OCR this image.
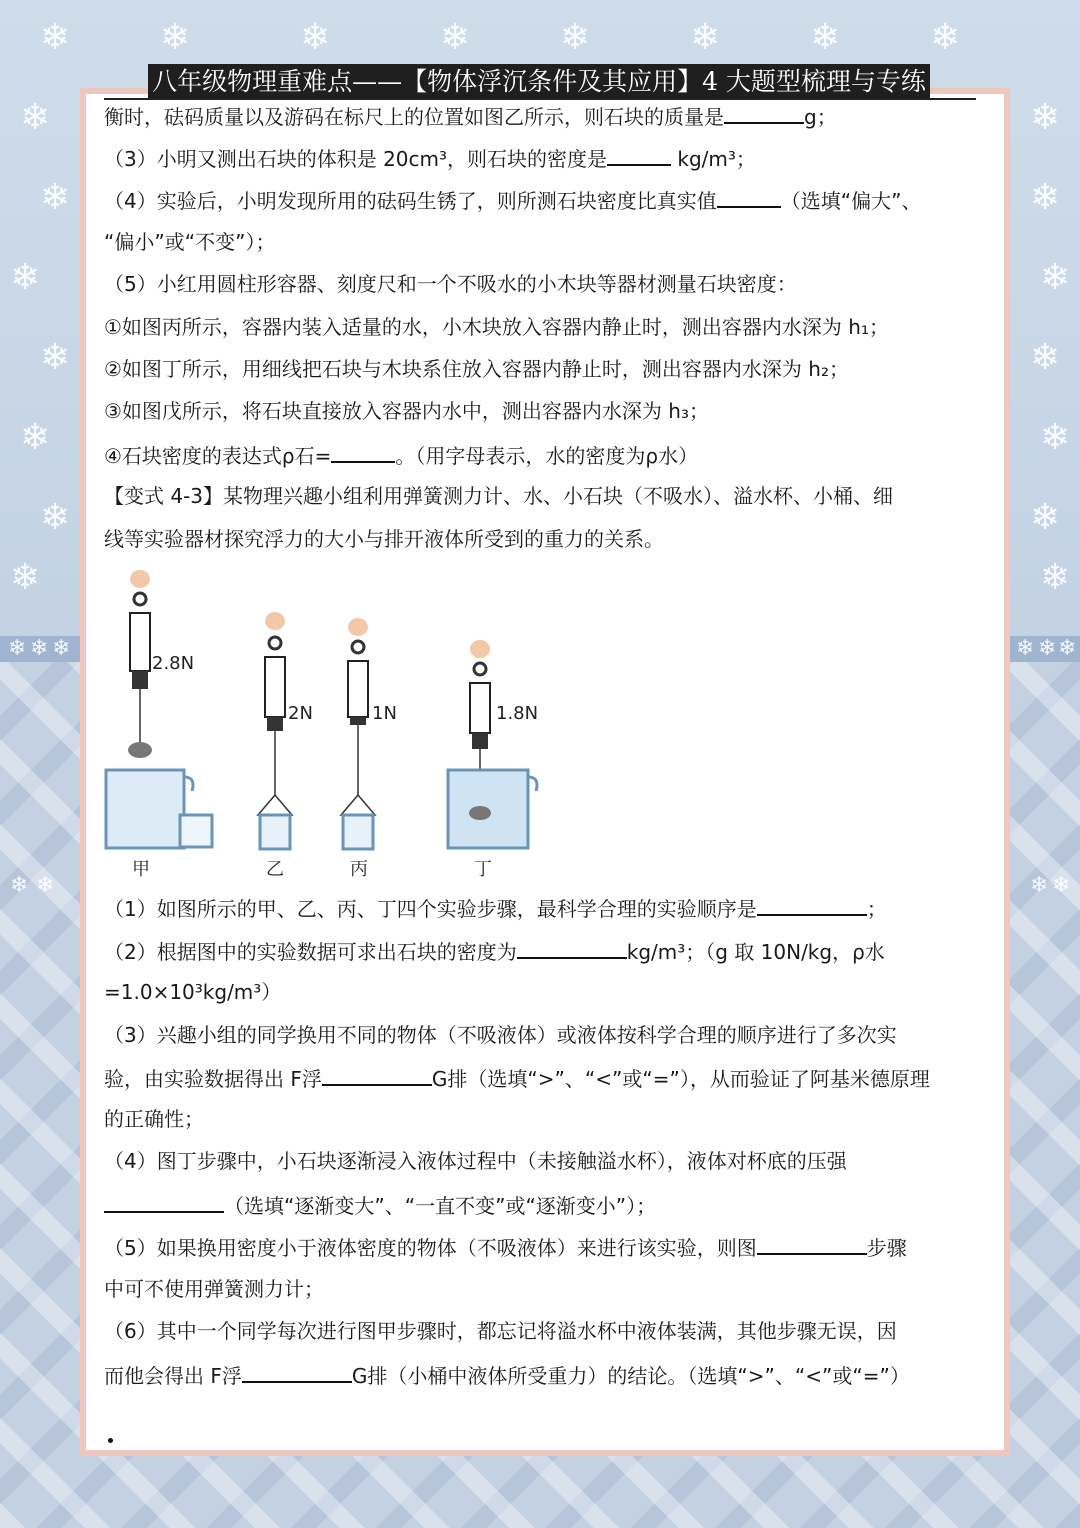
❄ ❄	❄	❄ ❄	❄ ❄ ❄
❄	❄
❄	❄
❄	❄
❄	❄
❄	❄
❄	❄
❄	❄
❄ ❄ ❄	❄ ❄ ❄
❄ ❄	❄ ❄
八年级物理重难点——【物体浮沉条件及其应用】4 大题型梳理与专练
衡时，砝码质量以及游码在标尺上的位置如图乙所示，则石块的质量是	g；
（3）小明又测出石块的体积是 20cm³，则石块的密度是	kg/m³；
（4）实验后，小明发现所用的砝码生锈了，则所测石块密度比真实值	（选填“偏大”、
“偏小”或“不变”）；
（5）小红用圆柱形容器、刻度尺和一个不吸水的小木块等器材测量石块密度：
①如图丙所示，容器内装入适量的水，小木块放入容器内静止时，测出容器内水深为 h₁；
②如图丁所示，用细线把石块与木块系住放入容器内静止时，测出容器内水深为 h₂；
③如图戊所示，将石块直接放入容器内水中，测出容器内水深为 h₃；
④石块密度的表达式ρ石=	。（用字母表示，水的密度为ρ水）
【变式 4-3】某物理兴趣小组利用弹簧测力计、水、小石块（不吸水）、溢水杯、小桶、细
线等实验器材探究浮力的大小与排开液体所受到的重力的关系。
2.8N
甲
2N
乙
1N
丙
1.8N
丁
（1）如图所示的甲、乙、丙、丁四个实验步骤，最科学合理的实验顺序是	；
（2）根据图中的实验数据可求出石块的密度为	kg/m³；（g 取 10N/kg，ρ水
=1.0×10³kg/m³）
（3）兴趣小组的同学换用不同的物体（不吸液体）或液体按科学合理的顺序进行了多次实
验，由实验数据得出 F浮	G排（选填“>”、“<”或“=”），从而验证了阿基米德原理
的正确性；
（4）图丁步骤中，小石块逐渐浸入液体过程中（未接触溢水杯），液体对杯底的压强
（选填“逐渐变大”、“一直不变”或“逐渐变小”）；
（5）如果换用密度小于液体密度的物体（不吸液体）来进行该实验，则图	步骤
中可不使用弹簧测力计；
（6）其中一个同学每次进行图甲步骤时，都忘记将溢水杯中液体装满，其他步骤无误，因
而他会得出 F浮	G排（小桶中液体所受重力）的结论。（选填“>”、“<”或“=”）
